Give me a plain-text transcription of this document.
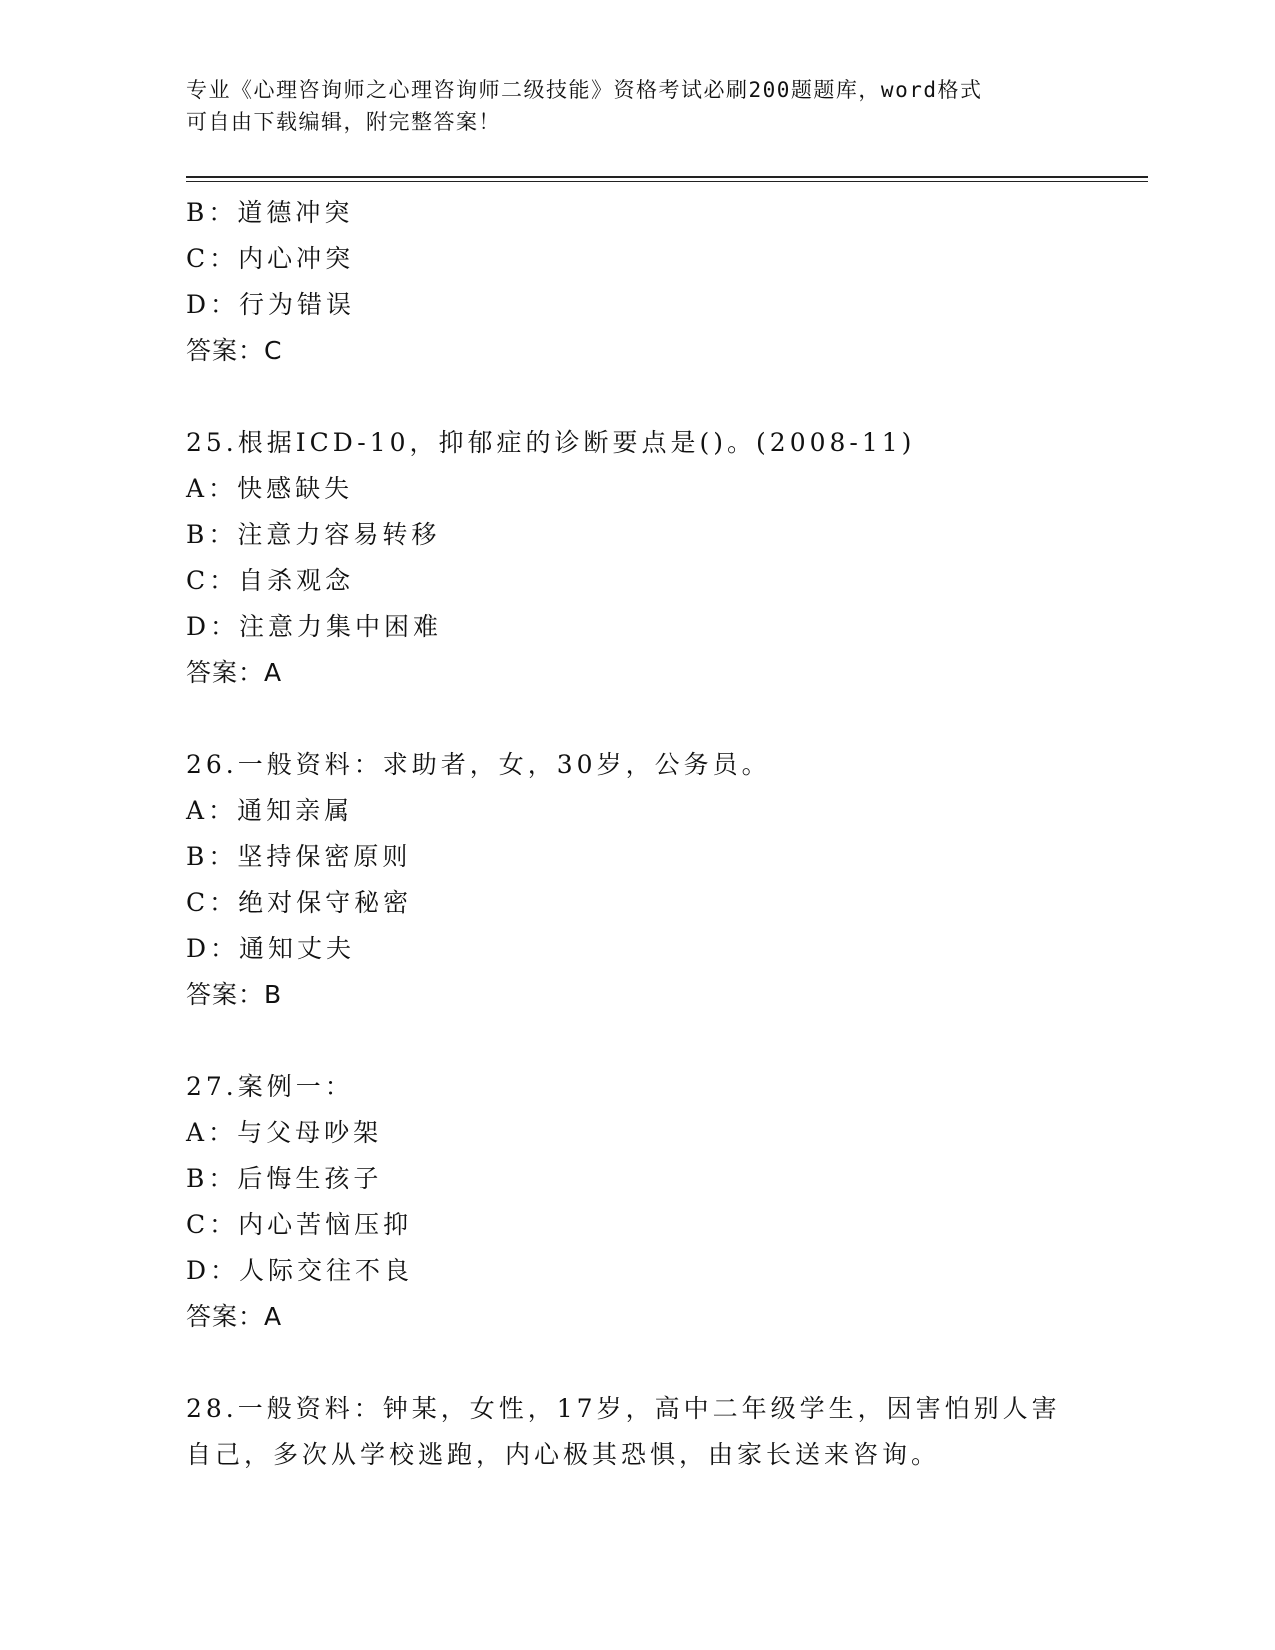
专业《心理咨询师之心理咨询师二级技能》资格考试必刷200题题库，word格式
可自由下载编辑，附完整答案！
B：道德冲突
C：内心冲突
D：行为错误
答案：C
25.根据ICD-10，抑郁症的诊断要点是()。(2008-11)
A：快感缺失
B：注意力容易转移
C：自杀观念
D：注意力集中困难
答案：A
26.一般资料：求助者，女，30岁，公务员。
A：通知亲属
B：坚持保密原则
C：绝对保守秘密
D：通知丈夫
答案：B
27.案例一：
A：与父母吵架
B：后悔生孩子
C：内心苦恼压抑
D：人际交往不良
答案：A
28.一般资料：钟某，女性，17岁，高中二年级学生，因害怕别人害自己，多次从学校逃跑，内心极其恐惧，由家长送来咨询。
